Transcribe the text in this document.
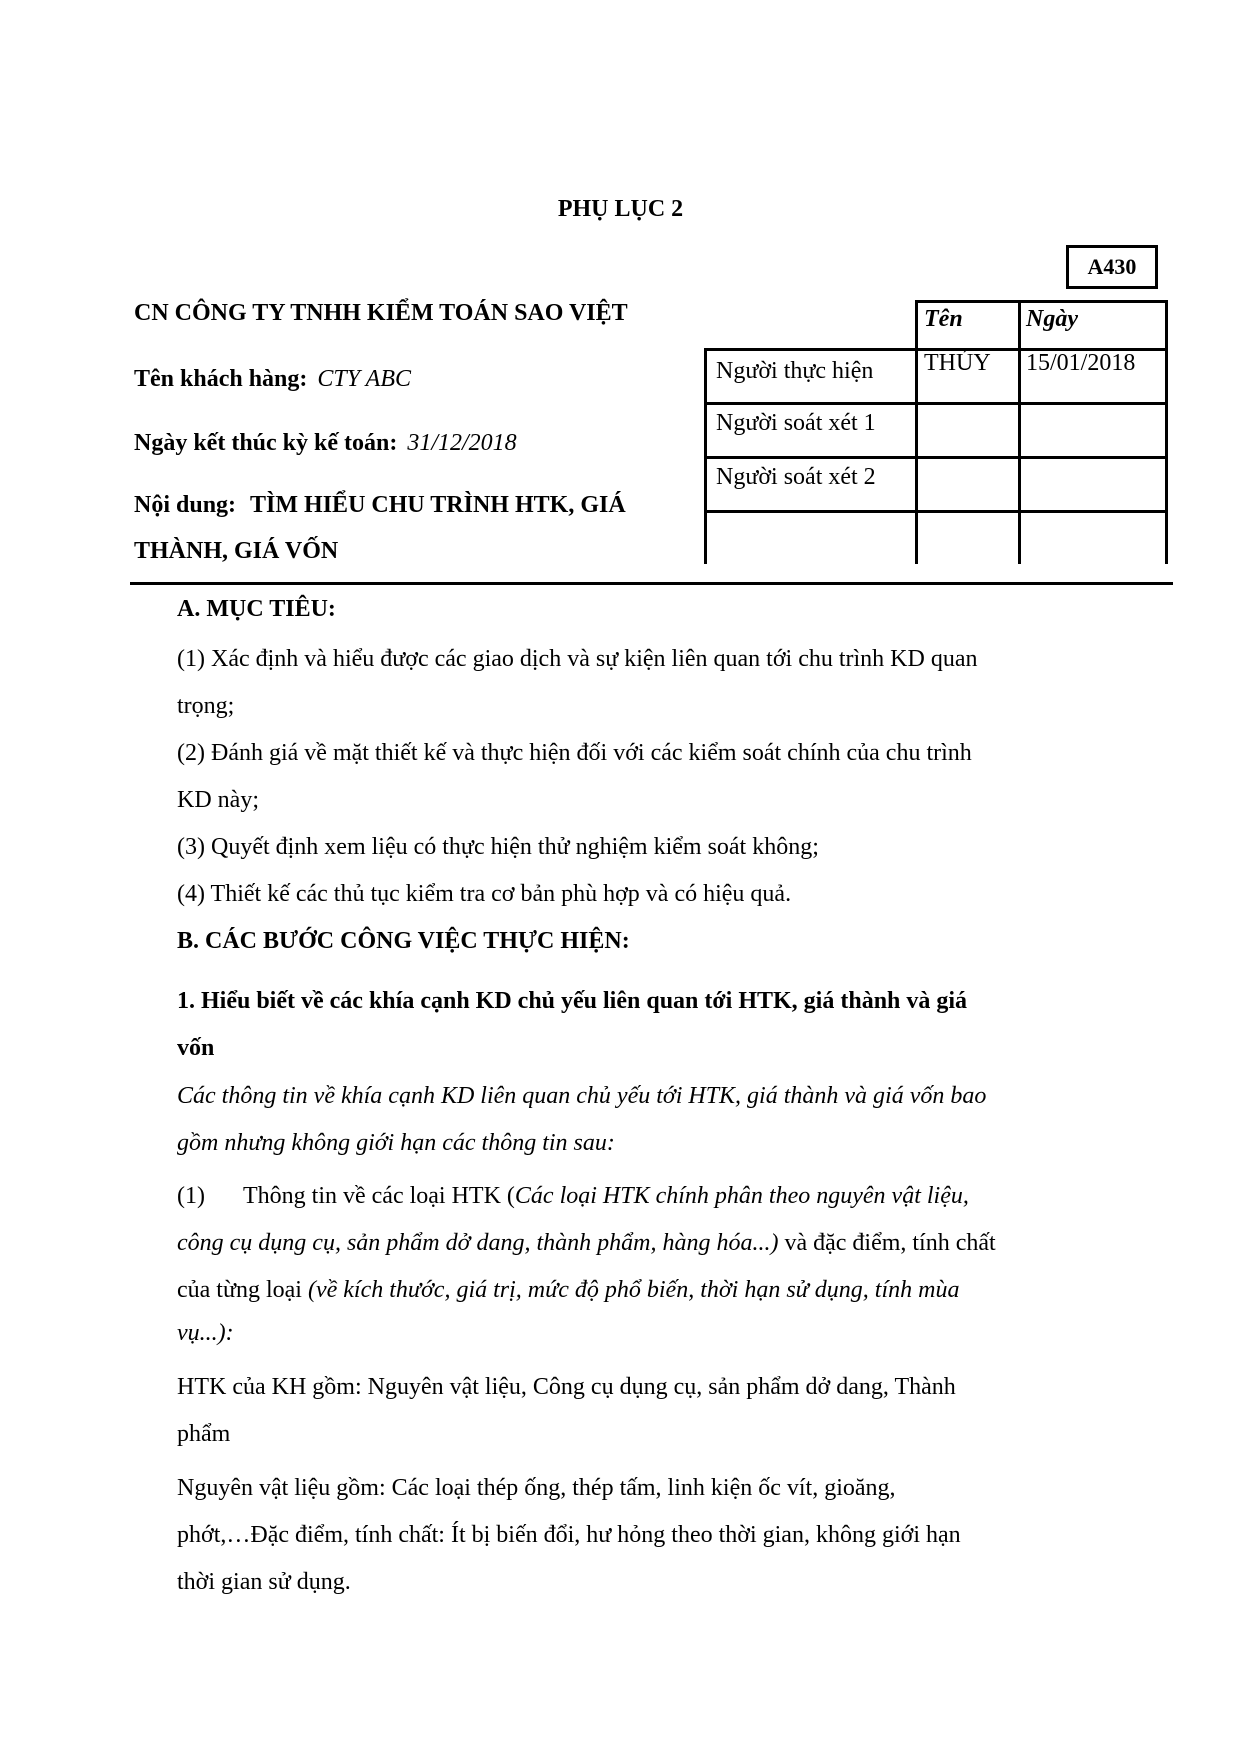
PHỤ LỤC 2
A430
CN CÔNG TY TNHH KIỂM TOÁN SAO VIỆT
Tên khách hàng: CTY ABC
Ngày kết thúc kỳ kế toán: 31/12/2018
Nội dung: TÌM HIỂU CHU TRÌNH HTK, GIÁ
THÀNH, GIÁ VỐN
Tên	Ngày
Người thực hiện THÚY 15/01/2018
Người soát xét 1
Người soát xét 2
A. MỤC TIÊU:
(1) Xác định và hiểu được các giao dịch và sự kiện liên quan tới chu trình KD quan
trọng;
(2) Đánh giá về mặt thiết kế và thực hiện đối với các kiểm soát chính của chu trình
KD này;
(3) Quyết định xem liệu có thực hiện thử nghiệm kiểm soát không;
(4) Thiết kế các thủ tục kiểm tra cơ bản phù hợp và có hiệu quả.
B. CÁC BƯỚC CÔNG VIỆC THỰC HIỆN:
1. Hiểu biết về các khía cạnh KD chủ yếu liên quan tới HTK, giá thành và giá
vốn
Các thông tin về khía cạnh KD liên quan chủ yếu tới HTK, giá thành và giá vốn bao
gồm nhưng không giới hạn các thông tin sau:
(1) Thông tin về các loại HTK (Các loại HTK chính phân theo nguyên vật liệu,
công cụ dụng cụ, sản phẩm dở dang, thành phẩm, hàng hóa...) và đặc điểm, tính chất
của từng loại (về kích thước, giá trị, mức độ phổ biến, thời hạn sử dụng, tính mùa
vụ...):
HTK của KH gồm: Nguyên vật liệu, Công cụ dụng cụ, sản phẩm dở dang, Thành
phẩm
Nguyên vật liệu gồm: Các loại thép ống, thép tấm, linh kiện ốc vít, gioăng,
phớt,…Đặc điểm, tính chất: Ít bị biến đổi, hư hỏng theo thời gian, không giới hạn
thời gian sử dụng.
